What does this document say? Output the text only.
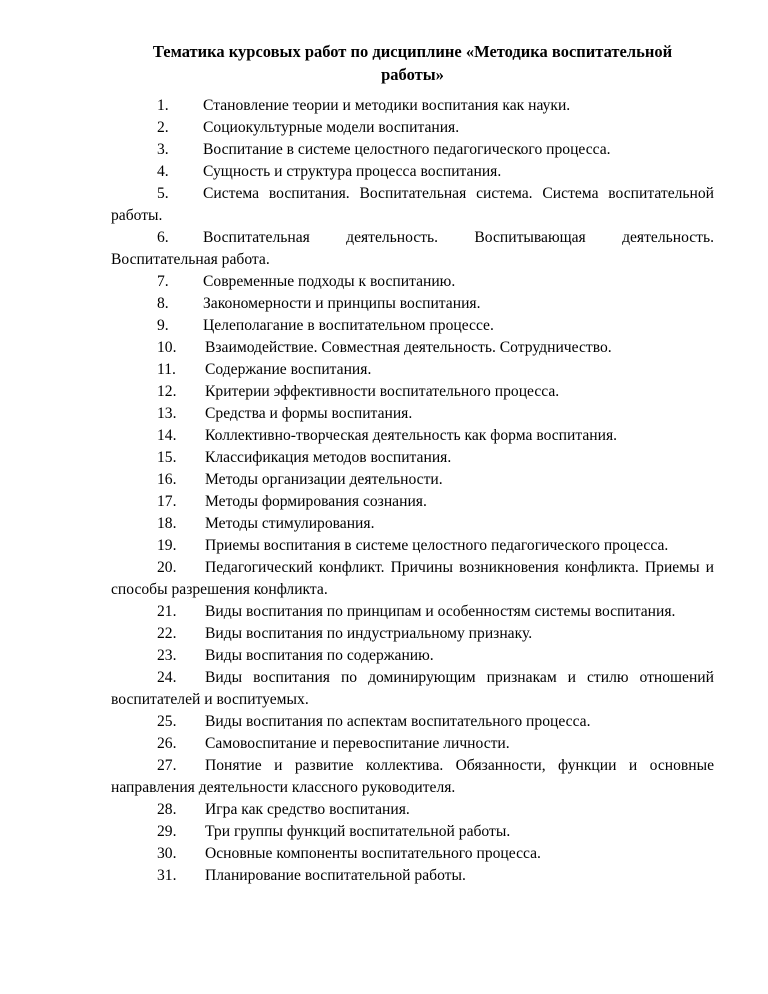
Тематика курсовых работ по дисциплине «Методика воспитательной
работы»
1. Становление теории и методики воспитания как науки.
2. Социокультурные модели воспитания.
3. Воспитание в системе целостного педагогического процесса.
4. Сущность и структура процесса воспитания.
5. Система воспитания. Воспитательная система. Система воспитательной работы.
6. Воспитательная деятельность. Воспитывающая деятельность. Воспитательная работа.
7. Современные подходы к воспитанию.
8. Закономерности и принципы воспитания.
9. Целеполагание в воспитательном процессе.
10. Взаимодействие. Совместная деятельность. Сотрудничество.
11. Содержание воспитания.
12. Критерии эффективности воспитательного процесса.
13. Средства и формы воспитания.
14. Коллективно-творческая деятельность как форма воспитания.
15. Классификация методов воспитания.
16. Методы организации деятельности.
17. Методы формирования сознания.
18. Методы стимулирования.
19. Приемы воспитания в системе целостного педагогического процесса.
20. Педагогический конфликт. Причины возникновения конфликта. Приемы и способы разрешения конфликта.
21. Виды воспитания по принципам и особенностям системы воспитания.
22. Виды воспитания по индустриальному признаку.
23. Виды воспитания по содержанию.
24. Виды воспитания по доминирующим признакам и стилю отношений воспитателей и воспитуемых.
25. Виды воспитания по аспектам воспитательного процесса.
26. Самовоспитание и перевоспитание личности.
27. Понятие и развитие коллектива. Обязанности, функции и основные направления деятельности классного руководителя.
28. Игра как средство воспитания.
29. Три группы функций воспитательной работы.
30. Основные компоненты воспитательного процесса.
31. Планирование воспитательной работы.
